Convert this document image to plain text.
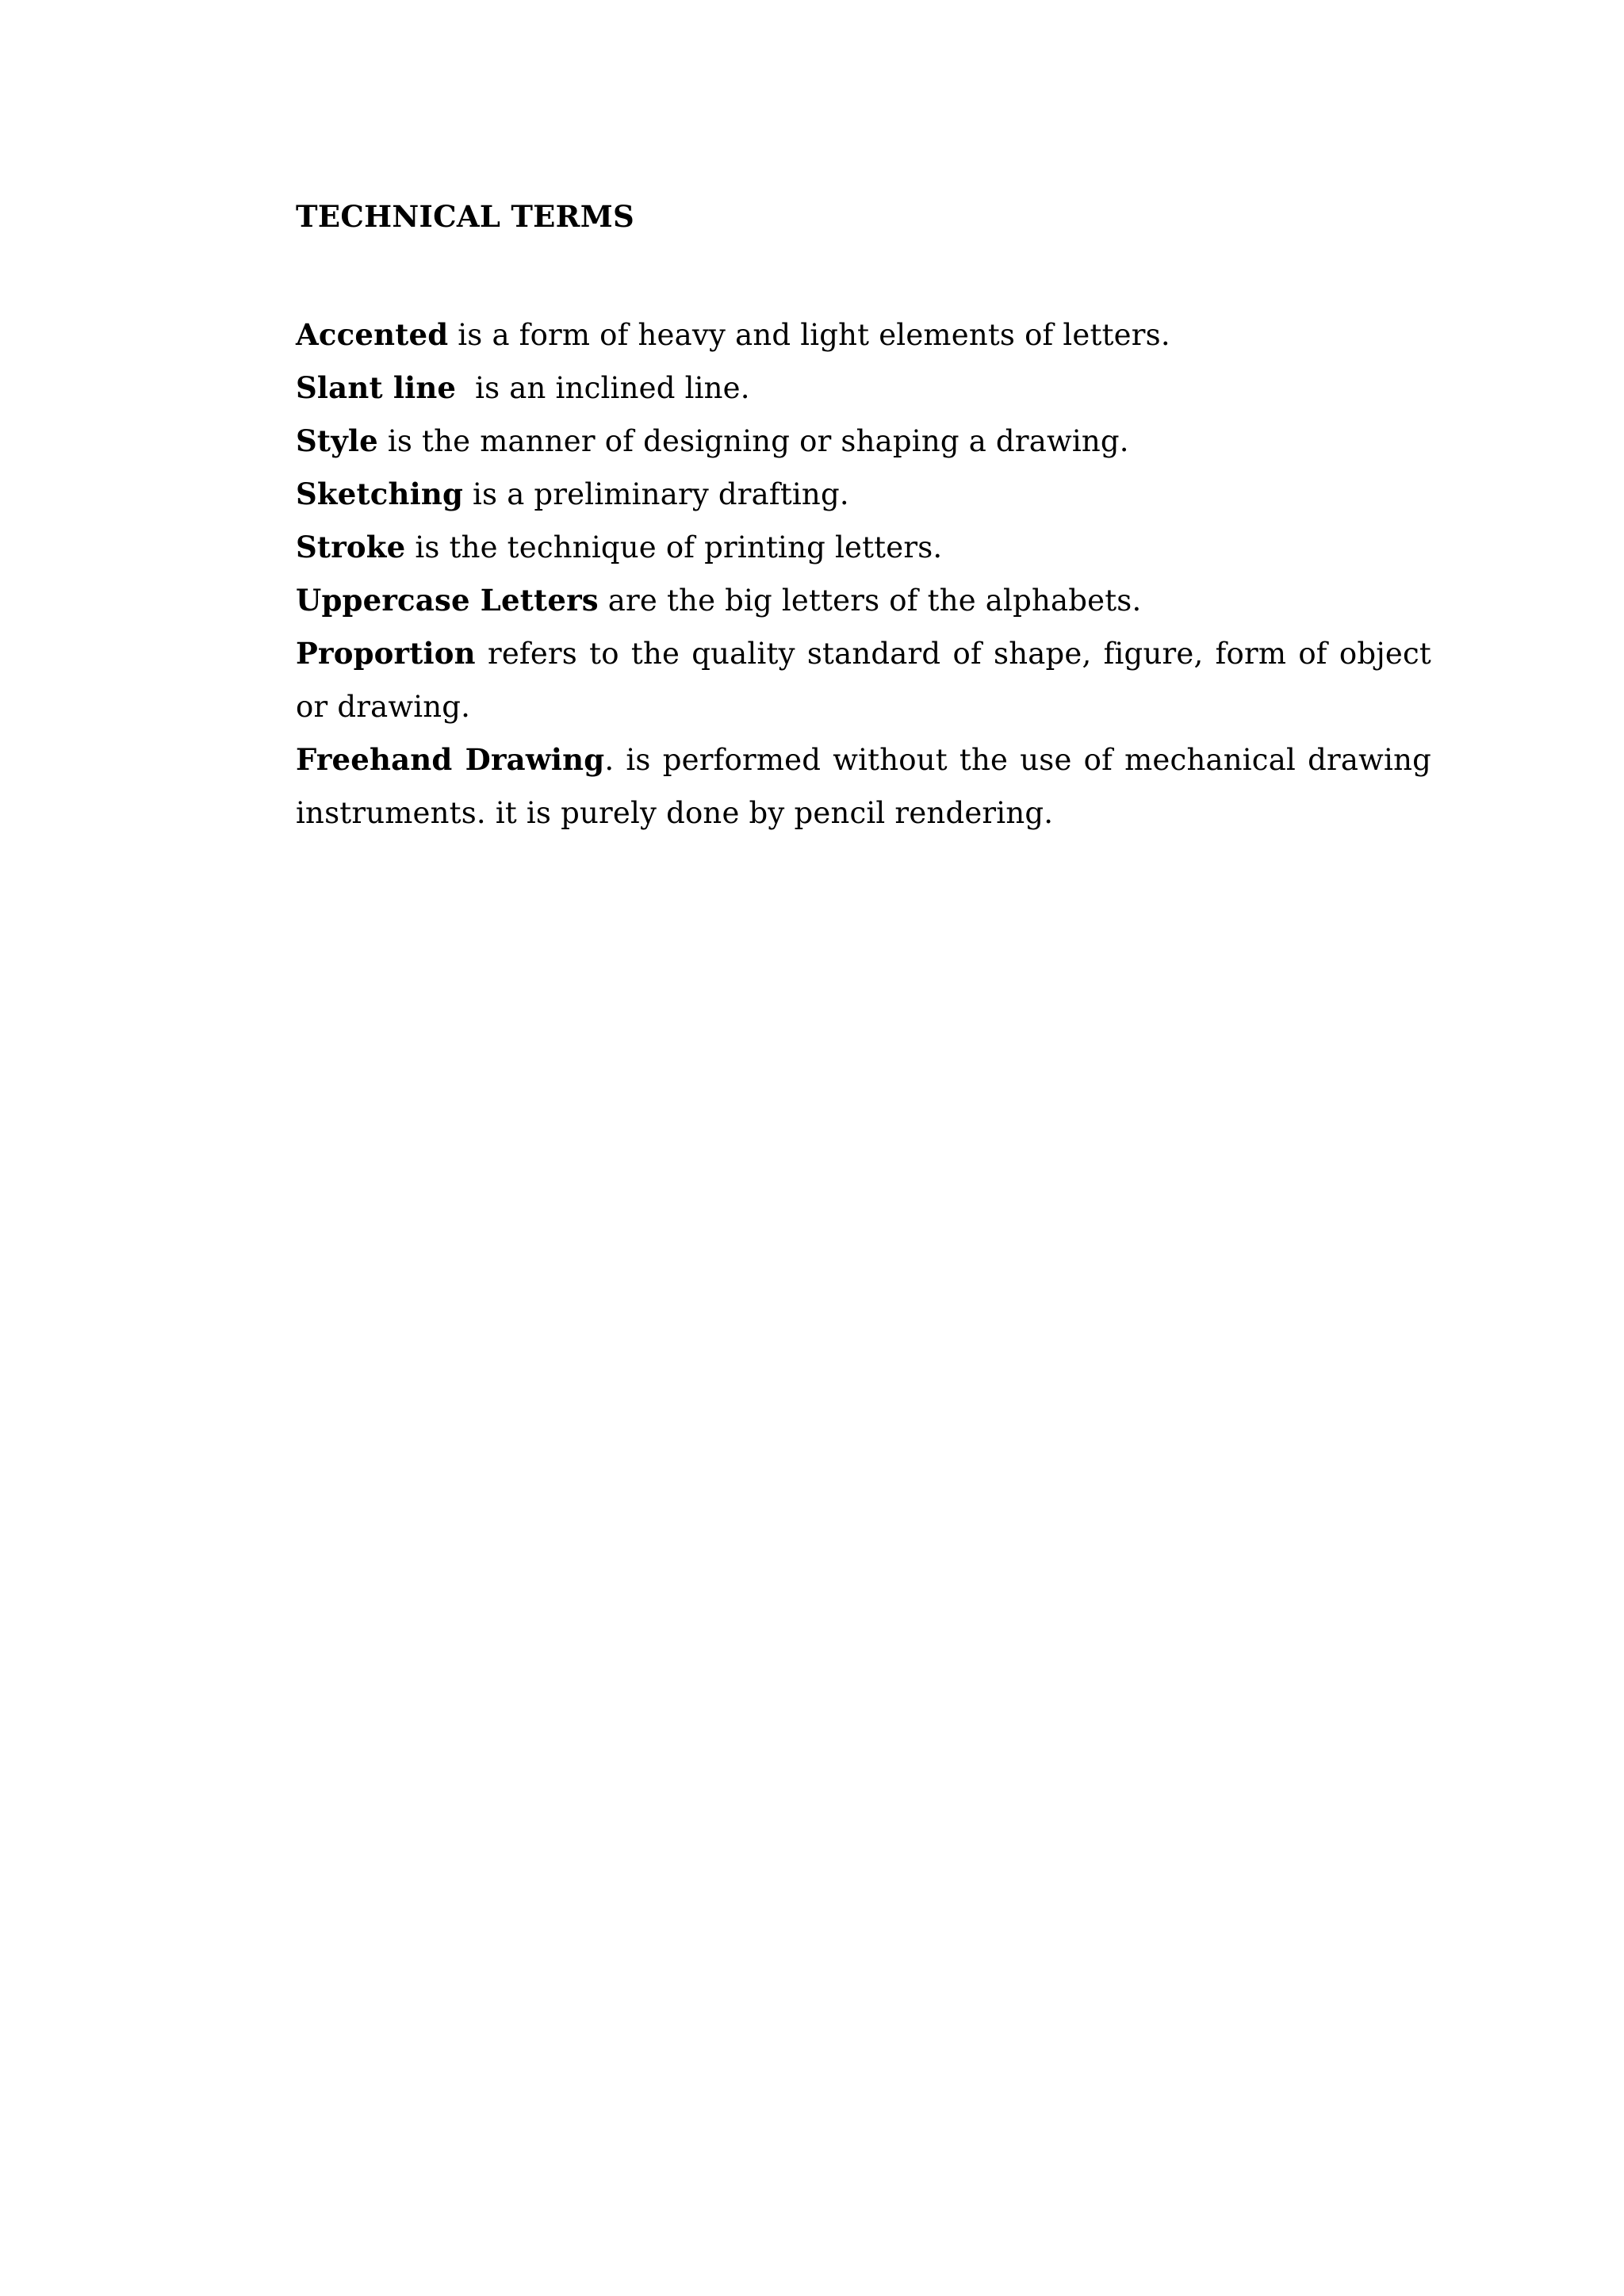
TECHNICAL TERMS

Accented is a form of heavy and light elements of letters.

Slant line  is an inclined line.

Style is the manner of designing or shaping a drawing.

Sketching is a preliminary drafting.

Stroke is the technique of printing letters.

Uppercase Letters are the big letters of the alphabets.

Proportion refers to the quality standard of shape, figure, form of object or drawing.

Freehand Drawing. is performed without the use of mechanical drawing instruments. it is purely done by pencil rendering.
